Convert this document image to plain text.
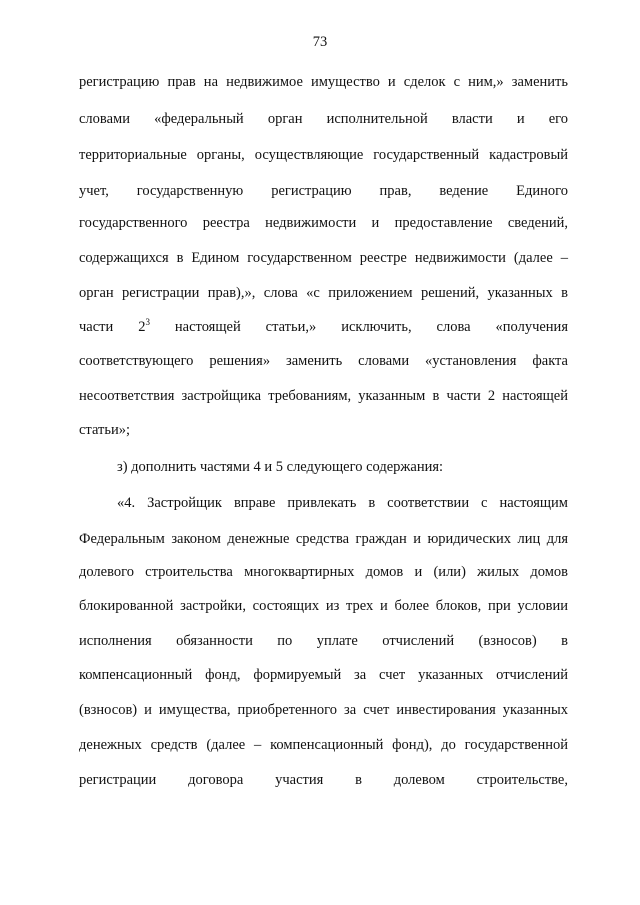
73
регистрацию прав на недвижимое имущество и сделок с ним,» заменить
словами «федеральный орган исполнительной власти и его
территориальные органы, осуществляющие государственный кадастровый
учет, государственную регистрацию прав, ведение Единого
государственного реестра недвижимости и предоставление сведений,
содержащихся в Едином государственном реестре недвижимости (далее –
орган регистрации прав),», слова «с приложением решений, указанных в
части $2^3$ настоящей статьи,» исключить, слова «получения
соответствующего решения» заменить словами «установления факта
несоответствия застройщика требованиям, указанным в части 2 настоящей
статьи»;
з) дополнить частями 4 и 5 следующего содержания:
«4. Застройщик вправе привлекать в соответствии с настоящим
Федеральным законом денежные средства граждан и юридических лиц для
долевого строительства многоквартирных домов и (или) жилых домов
блокированной застройки, состоящих из трех и более блоков, при условии
исполнения обязанности по уплате отчислений (взносов) в
компенсационный фонд, формируемый за счет указанных отчислений
(взносов) и имущества, приобретенного за счет инвестирования указанных
денежных средств (далее – компенсационный фонд), до государственной
регистрации договора участия в долевом строительстве,
